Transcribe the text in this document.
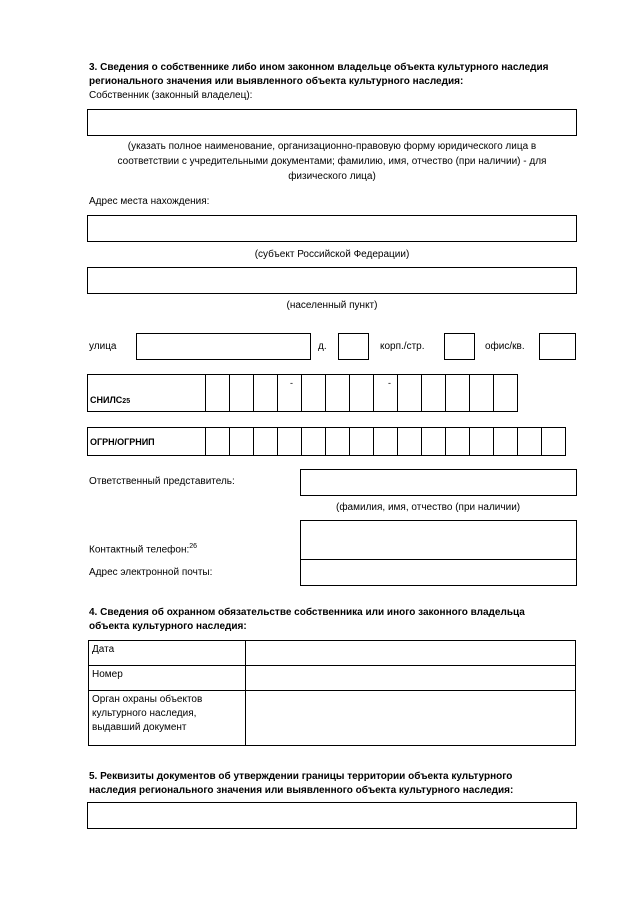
3. Сведения о собственнике либо ином законном владельце объекта культурного наследия
регионального значения или выявленного объекта культурного наследия:
Собственник (законный владелец):
(указать полное наименование, организационно-правовую форму юридического лица в
соответствии с учредительными документами; фамилию, имя, отчество (при наличии) - для
физического лица)
Адрес места нахождения:
(субъект Российской Федерации)
(населенный пункт)
улица	д.	корп./стр.	офис/кв.
СНИЛС 25
-	-
ОГРН/ОГРНИП
Ответственный представитель:
(фамилия, имя, отчество (при наличии)
Контактный телефон:$^{26}$
Адрес электронной почты:
4. Сведения об охранном обязательстве собственника или иного законного владельца
объекта культурного наследия:
Дата	
Номер	

Орган охраны объектов
культурного наследия,
выдавший документ	

5. Реквизиты документов об утверждении границы территории объекта культурного
наследия регионального значения или выявленного объекта культурного наследия:
